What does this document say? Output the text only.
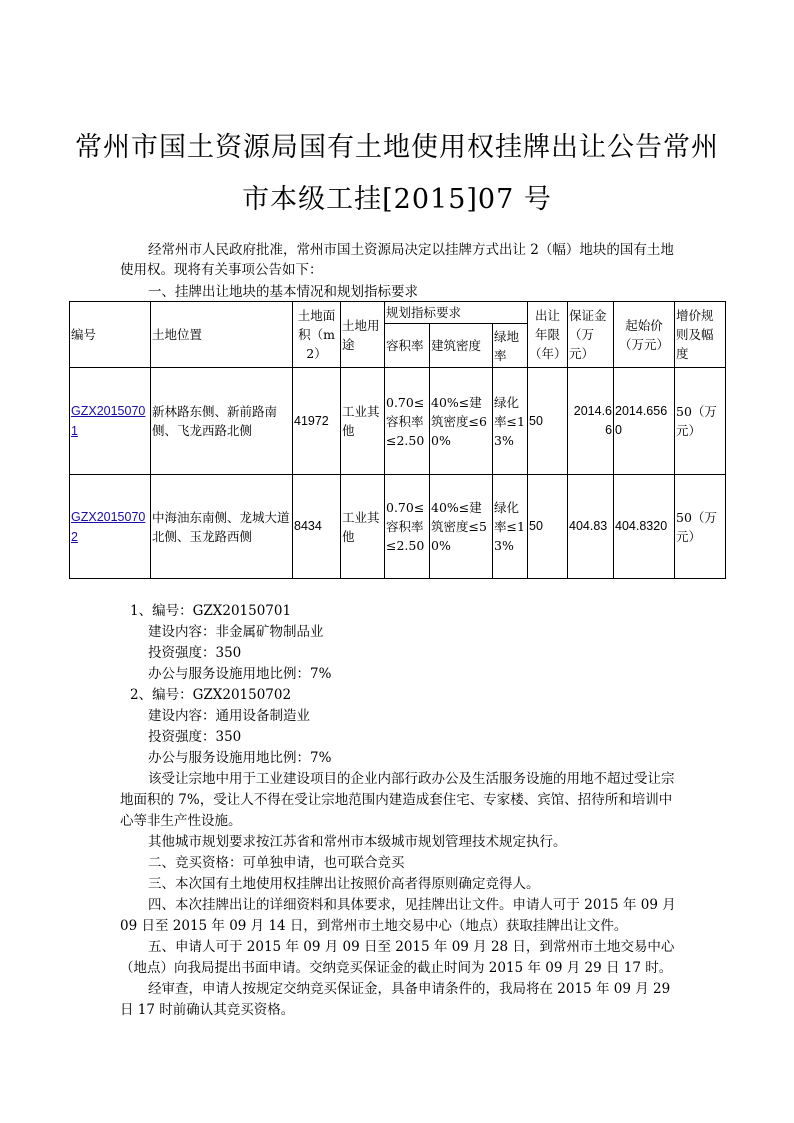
常州市国土资源局国有土地使用权挂牌出让公告常州
市本级工挂[2015]07 号
经常州市人民政府批准，常州市国土资源局决定以挂牌方式出让 2（幅）地块的国有土地使用权。现将有关事项公告如下：
一、挂牌出让地块的基本情况和规划指标要求
编号	土地位置	土地面积（m2）	土地用途	规划指标要求			出让年限（年）	保证金（万元）	起始价（万元）	增价规则及幅度
				容积率	建筑密度	绿地率				
GZX20150701	新林路东侧、新前路南侧、飞龙西路北侧	41972	工业其他	0.70≤容积率≤2.50	40%≤建筑密度≤60%	绿化率≤13%	50	2014.66	2014.6560	50（万元）
GZX20150702	中海油东南侧、龙城大道北侧、玉龙路西侧	8434	工业其他	0.70≤容积率≤2.50	40%≤建筑密度≤50%	绿化率≤13%	50	404.83	404.8320	50（万元）
1、编号：GZX20150701
建设内容：非金属矿物制品业
投资强度：350
办公与服务设施用地比例：7%
2、编号：GZX20150702
建设内容：通用设备制造业
投资强度：350
办公与服务设施用地比例：7%
该受让宗地中用于工业建设项目的企业内部行政办公及生活服务设施的用地不超过受让宗地面积的 7%，受让人不得在受让宗地范围内建造成套住宅、专家楼、宾馆、招待所和培训中心等非生产性设施。
其他城市规划要求按江苏省和常州市本级城市规划管理技术规定执行。
二、竞买资格：可单独申请，也可联合竞买
三、本次国有土地使用权挂牌出让按照价高者得原则确定竞得人。
四、本次挂牌出让的详细资料和具体要求，见挂牌出让文件。申请人可于 2015 年 09 月 09 日至 2015 年 09 月 14 日，到常州市土地交易中心（地点）获取挂牌出让文件。
五、申请人可于 2015 年 09 月 09 日至 2015 年 09 月 28 日，到常州市土地交易中心（地点）向我局提出书面申请。交纳竞买保证金的截止时间为 2015 年 09 月 29 日 17 时。
经审查，申请人按规定交纳竞买保证金，具备申请条件的，我局将在 2015 年 09 月 29 日 17 时前确认其竞买资格。
